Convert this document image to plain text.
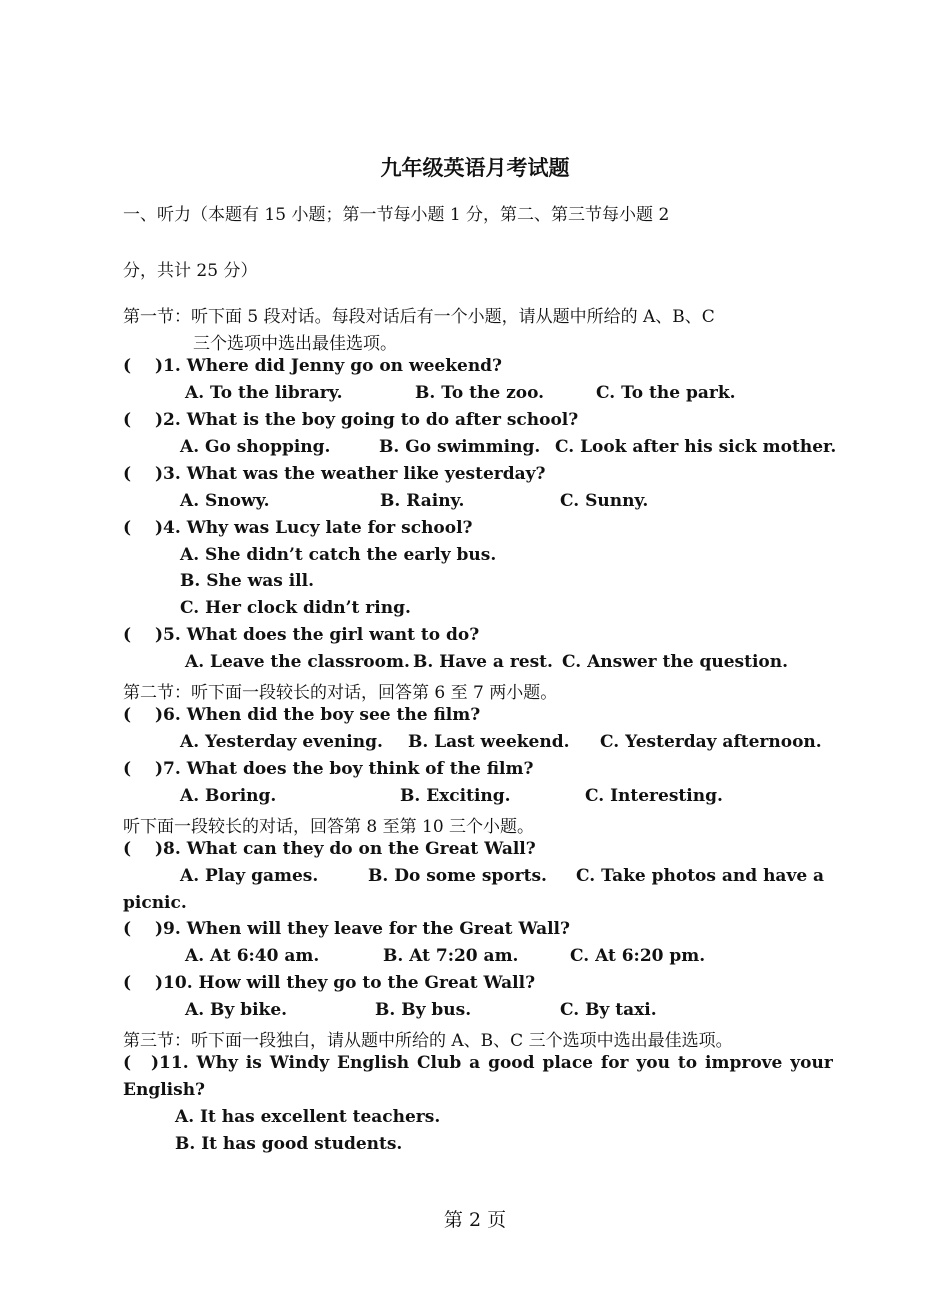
九年级英语月考试题
一、听力（本题有 15 小题；第一节每小题 1 分，第二、第三节每小题 2
分，共计 25 分）
第一节：听下面 5 段对话。每段对话后有一个小题，请从题中所给的 A、B、C
三个选项中选出最佳选项。
( )1. Where did Jenny go on weekend?
A. To the library.	B. To the zoo.	C. To the park.
( )2. What is the boy going to do after school?
A. Go shopping.	B. Go swimming. C. Look after his sick mother.
( )3. What was the weather like yesterday?
A. Snowy.	B. Rainy.	C. Sunny.
( )4. Why was Lucy late for school?
A. She didn’t catch the early bus.
B. She was ill.
C. Her clock didn’t ring.
( )5. What does the girl want to do?
A. Leave the classroom. B. Have a rest. C. Answer the question.
第二节：听下面一段较长的对话，回答第 6 至 7 两小题。
( )6. When did the boy see the film?
A. Yesterday evening. B. Last weekend. C. Yesterday afternoon.
( )7. What does the boy think of the film?
A. Boring.	B. Exciting.	C. Interesting.
听下面一段较长的对话，回答第 8 至第 10 三个小题。
( )8. What can they do on the Great Wall?
A. Play games.	B. Do some sports. C. Take photos and have a
picnic.
( )9. When will they leave for the Great Wall?
A. At 6:40 am.	B. At 7:20 am.	C. At 6:20 pm.
( )10. How will they go to the Great Wall?
A. By bike.	B. By bus.	C. By taxi.
第三节：听下面一段独白，请从题中所给的 A、B、C 三个选项中选出最佳选项。
( )11. Why is Windy English Club a good place for you to improve your
English?
A. It has excellent teachers.
B. It has good students.
第 2 页
